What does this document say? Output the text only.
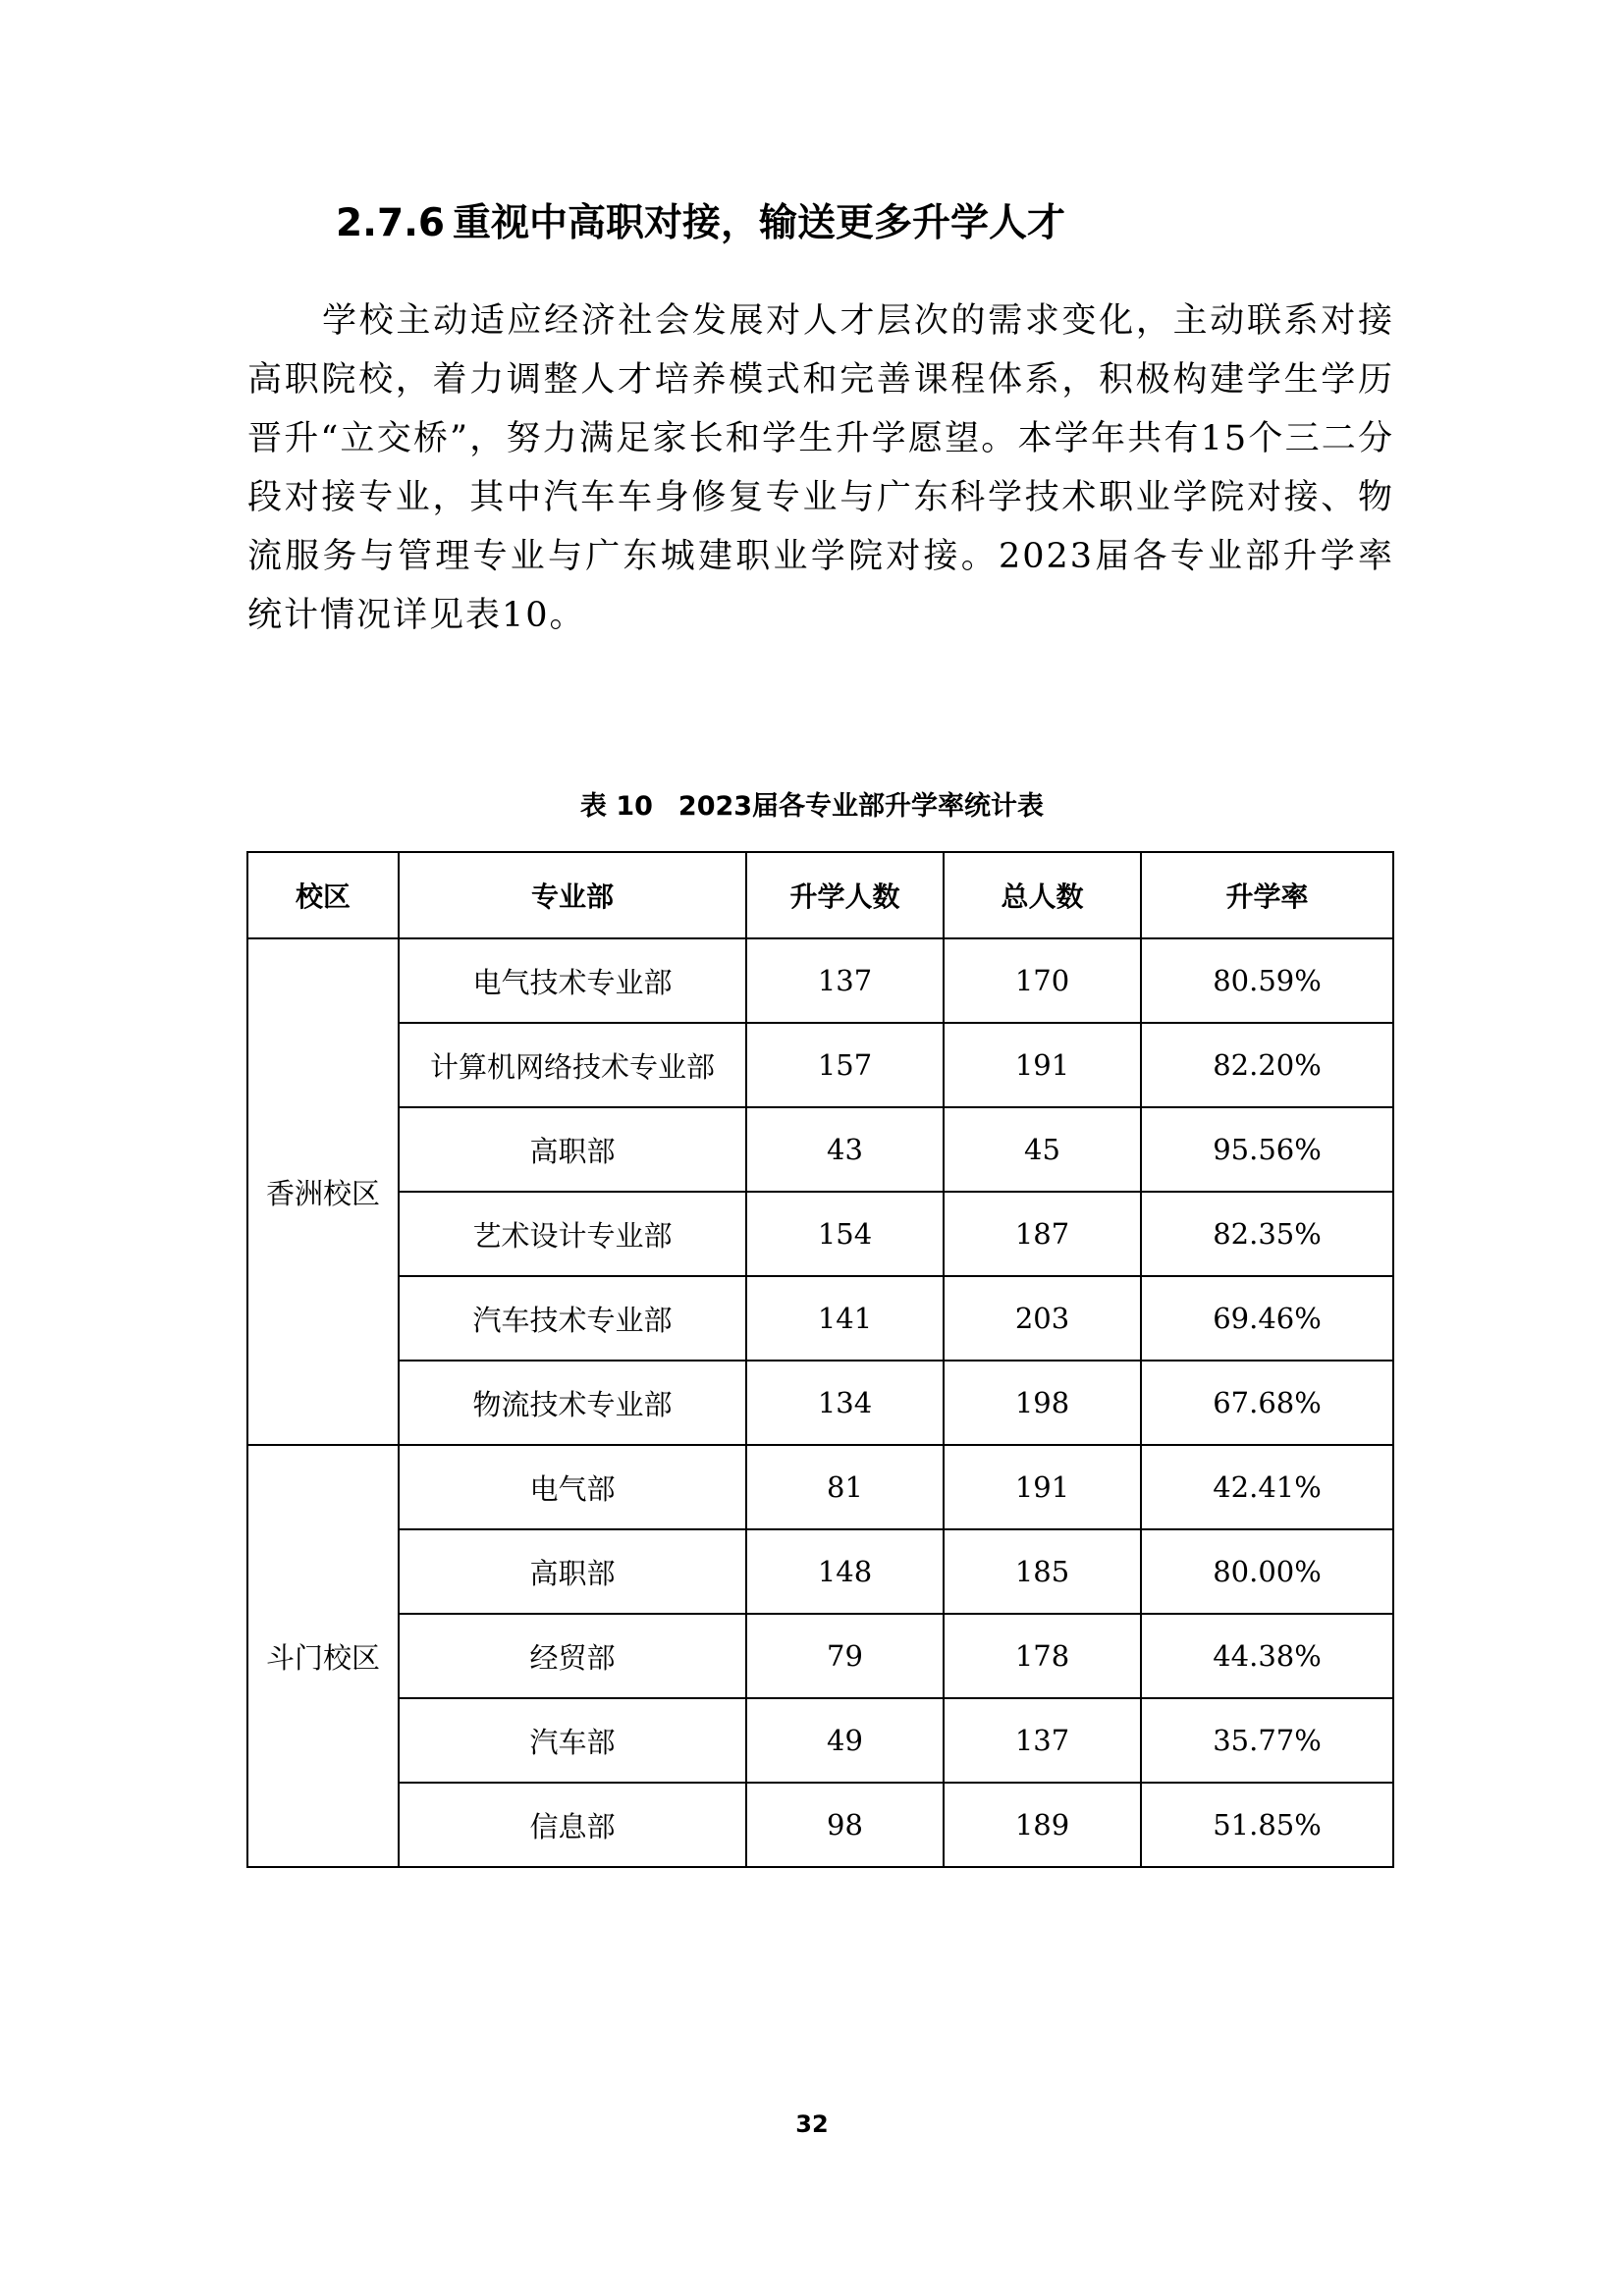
2.7.6 重视中高职对接，输送更多升学人才

学校主动适应经济社会发展对人才层次的需求变化，主动联系对接高职院校，着力调整人才培养模式和完善课程体系，积极构建学生学历晋升“立交桥”，努力满足家长和学生升学愿望。本学年共有15个三二分段对接专业，其中汽车车身修复专业与广东科学技术职业学院对接、物流服务与管理专业与广东城建职业学院对接。2023届各专业部升学率统计情况详见表10。

表 10 2023届各专业部升学率统计表
校区	专业部	升学人数	总人数	升学率
香洲校区	电气技术专业部	137	170	80.59%
	计算机网络技术专业部	157	191	82.20%
	高职部	43	45	95.56%
	艺术设计专业部	154	187	82.35%
	汽车技术专业部	141	203	69.46%
	物流技术专业部	134	198	67.68%
斗门校区	电气部	81	191	42.41%
	高职部	148	185	80.00%
	经贸部	79	178	44.38%
	汽车部	49	137	35.77%
	信息部	98	189	51.85%
32
